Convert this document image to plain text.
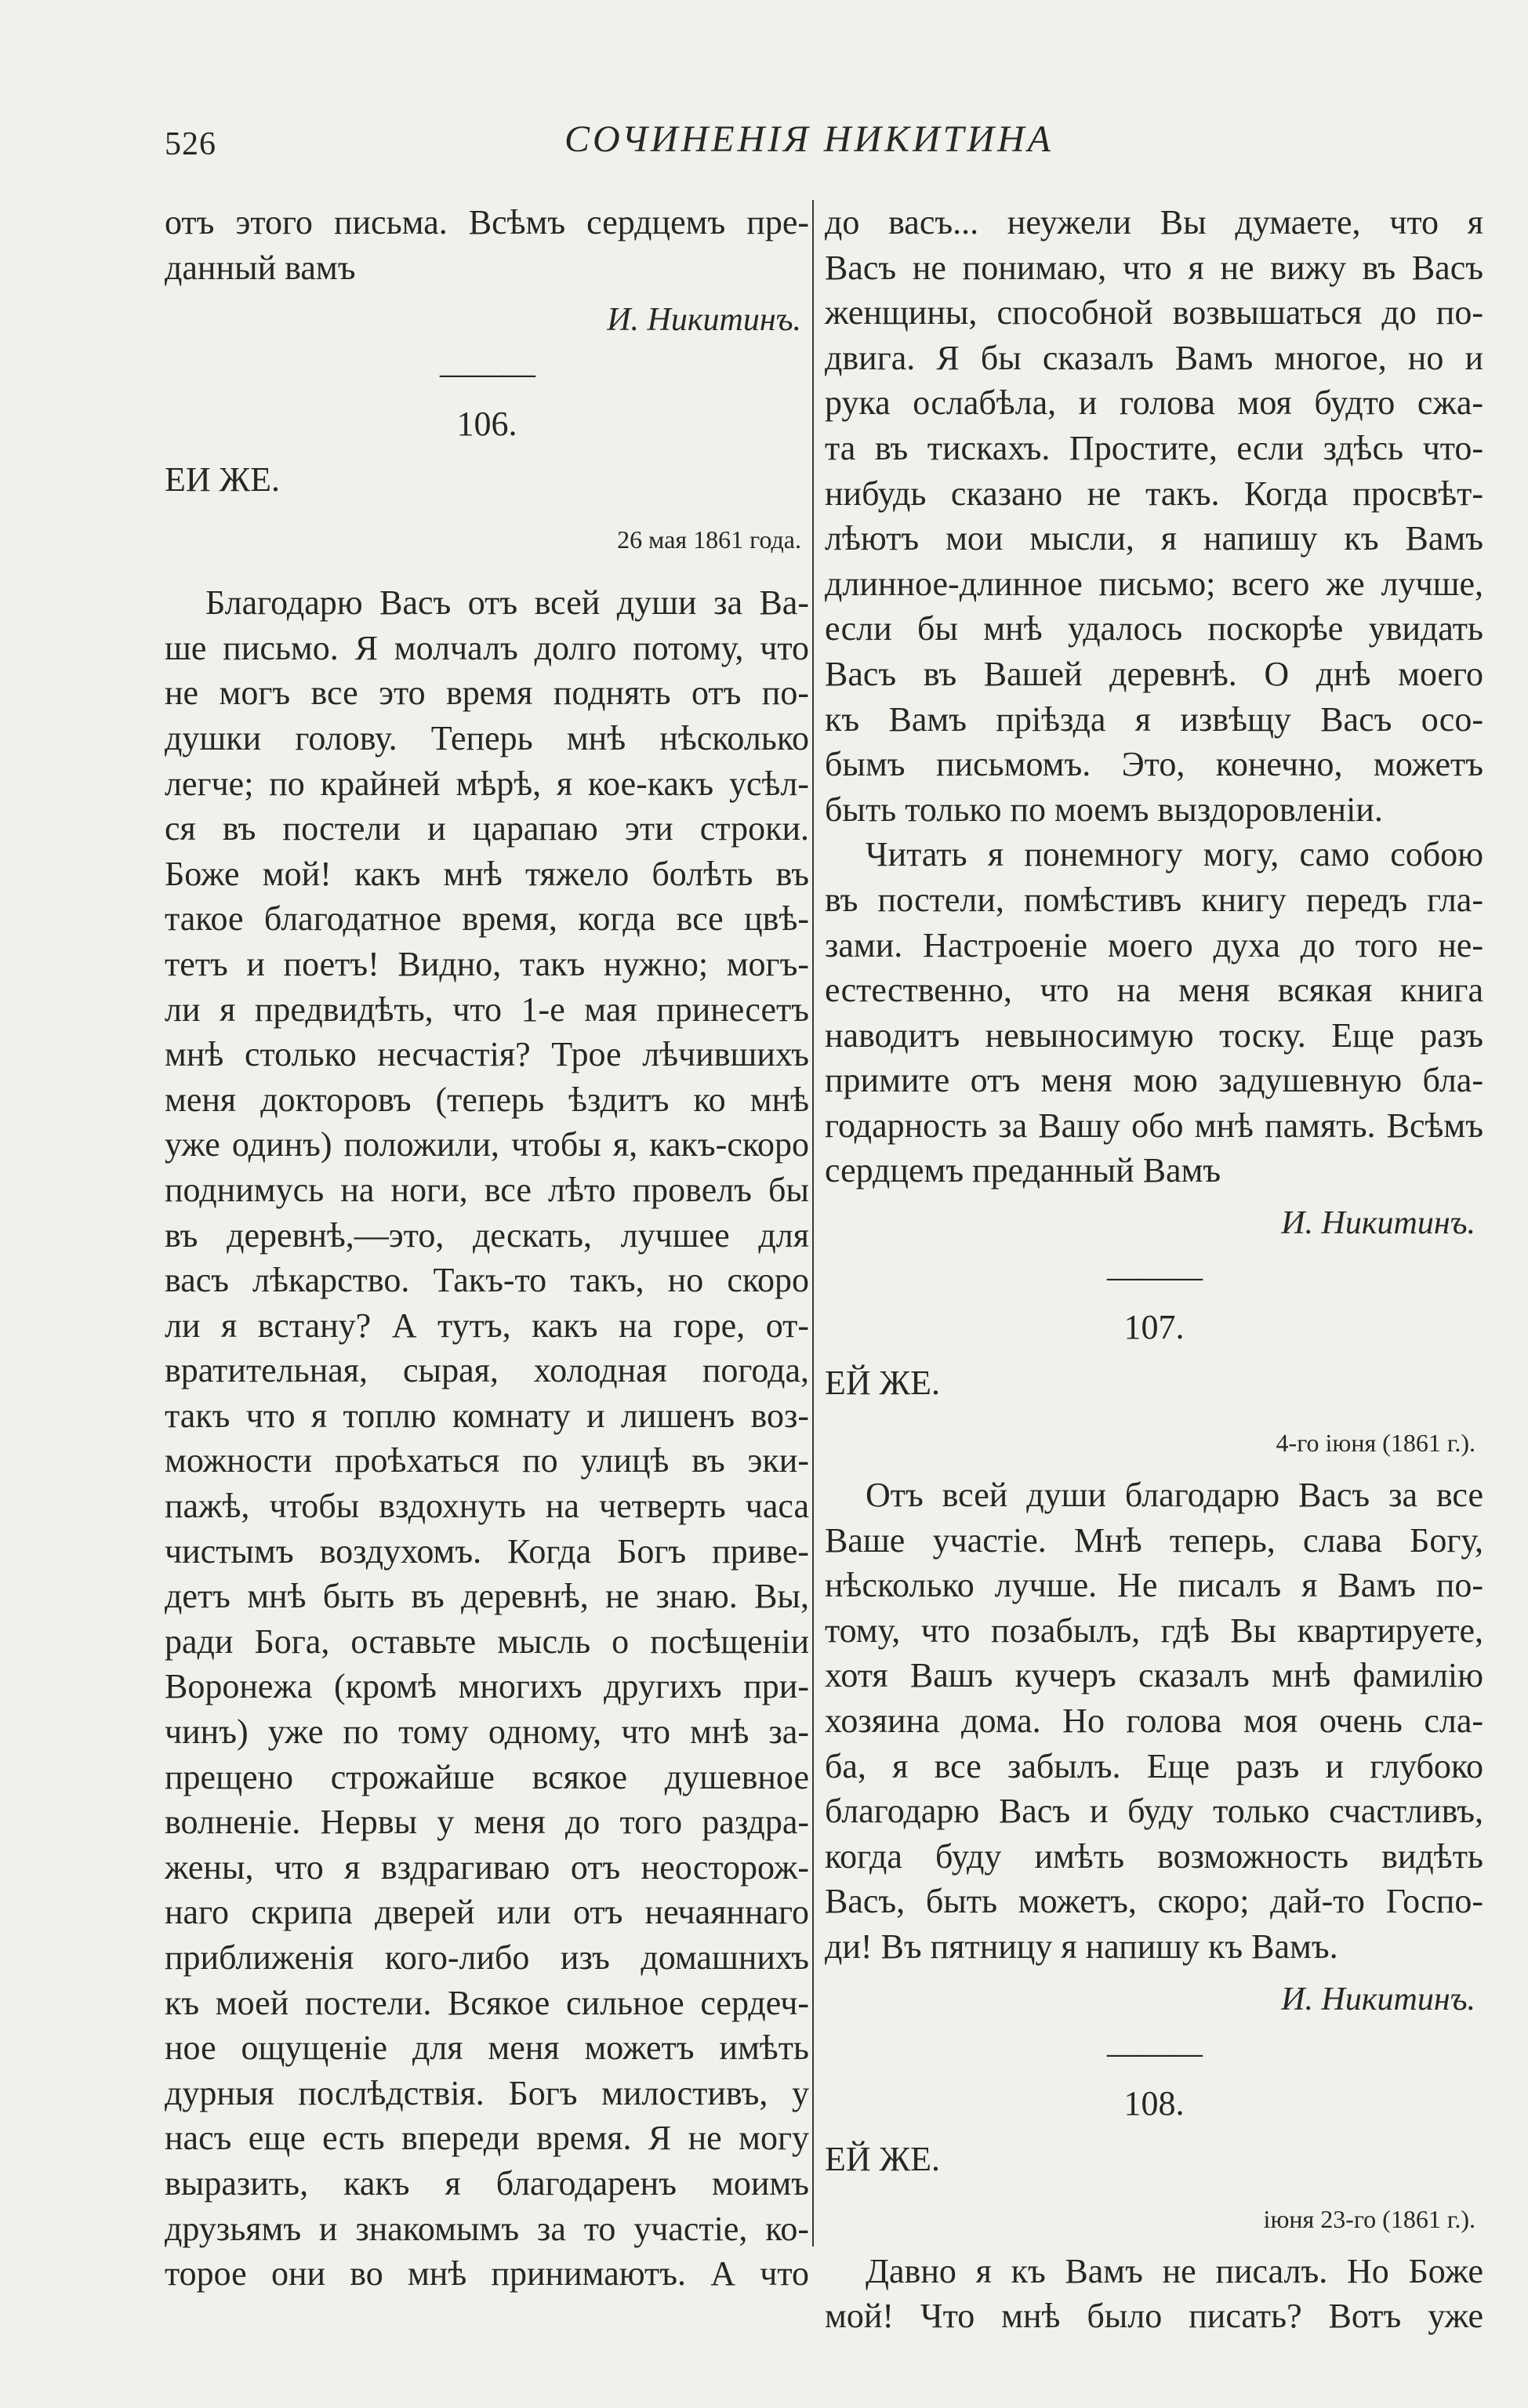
526	СОЧИНЕНІЯ НИКИТИНА
отъ этого письма. Всѣмъ сердцемъ пре-
данный вамъ
И. Никитинъ.
———
106.
ЕИ ЖЕ.
26 мая 1861 года.
Благодарю Васъ отъ всей души за Ва-
ше письмо. Я молчалъ долго потому, что
не могъ все это время поднять отъ по-
душки голову. Теперь мнѣ нѣсколько
легче; по крайней мѣрѣ, я кое-какъ усѣл-
ся въ постели и царапаю эти строки.
Боже мой! какъ мнѣ тяжело болѣть въ
такое благодатное время, когда все цвѣ-
тетъ и поетъ! Видно, такъ нужно; могъ-
ли я предвидѣть, что 1-е мая принесетъ
мнѣ столько несчастія? Трое лѣчившихъ
меня докторовъ (теперь ѣздитъ ко мнѣ
уже одинъ) положили, чтобы я, какъ-скоро
поднимусь на ноги, все лѣто провелъ бы
въ деревнѣ,—это, дескать, лучшее для
васъ лѣкарство. Такъ-то такъ, но скоро
ли я встану? А тутъ, какъ на горе, от-
вратительная, сырая, холодная погода,
такъ что я топлю комнату и лишенъ воз-
можности проѣхаться по улицѣ въ эки-
пажѣ, чтобы вздохнуть на четверть часа
чистымъ воздухомъ. Когда Богъ приве-
детъ мнѣ быть въ деревнѣ, не знаю. Вы,
ради Бога, оставьте мысль о посѣщеніи
Воронежа (кромѣ многихъ другихъ при-
чинъ) уже по тому одному, что мнѣ за-
прещено строжайше всякое душевное
волненіе. Нервы у меня до того раздра-
жены, что я вздрагиваю отъ неосторож-
наго скрипа дверей или отъ нечаяннаго
приближенія кого-либо изъ домашнихъ
къ моей постели. Всякое сильное сердеч-
ное ощущеніе для меня можетъ имѣть
дурныя послѣдствія. Богъ милостивъ, у
насъ еще есть впереди время. Я не могу
выразить, какъ я благодаренъ моимъ
друзьямъ и знакомымъ за то участіе, ко-
торое они во мнѣ принимаютъ. А что
до васъ... неужели Вы думаете, что я
Васъ не понимаю, что я не вижу въ Васъ
женщины, способной возвышаться до по-
двига. Я бы сказалъ Вамъ многое, но и
рука ослабѣла, и голова моя будто сжа-
та въ тискахъ. Простите, если здѣсь что-
нибудь сказано не такъ. Когда просвѣт-
лѣютъ мои мысли, я напишу къ Вамъ
длинное-длинное письмо; всего же лучше,
если бы мнѣ удалось поскорѣе увидать
Васъ въ Вашей деревнѣ. О днѣ моего
къ Вамъ пріѣзда я извѣщу Васъ осо-
бымъ письмомъ. Это, конечно, можетъ
быть только по моемъ выздоровленіи.
Читать я понемногу могу, само собою
въ постели, помѣстивъ книгу передъ гла-
зами. Настроеніе моего духа до того не-
естественно, что на меня всякая книга
наводитъ невыносимую тоску. Еще разъ
примите отъ меня мою задушевную бла-
годарность за Вашу обо мнѣ память. Всѣмъ
сердцемъ преданный Вамъ
И. Никитинъ.
———
107.
ЕЙ ЖЕ.
4-го іюня (1861 г.).
Отъ всей души благодарю Васъ за все
Ваше участіе. Мнѣ теперь, слава Богу,
нѣсколько лучше. Не писалъ я Вамъ по-
тому, что позабылъ, гдѣ Вы квартируете,
хотя Вашъ кучеръ сказалъ мнѣ фамилію
хозяина дома. Но голова моя очень сла-
ба, я все забылъ. Еще разъ и глубоко
благодарю Васъ и буду только счастливъ,
когда буду имѣть возможность видѣть
Васъ, быть можетъ, скоро; дай-то Госпо-
ди! Въ пятницу я напишу къ Вамъ.
И. Никитинъ.
———
108.
ЕЙ ЖЕ.
іюня 23-го (1861 г.).
Давно я къ Вамъ не писалъ. Но Боже
мой! Что мнѣ было писать? Вотъ уже
